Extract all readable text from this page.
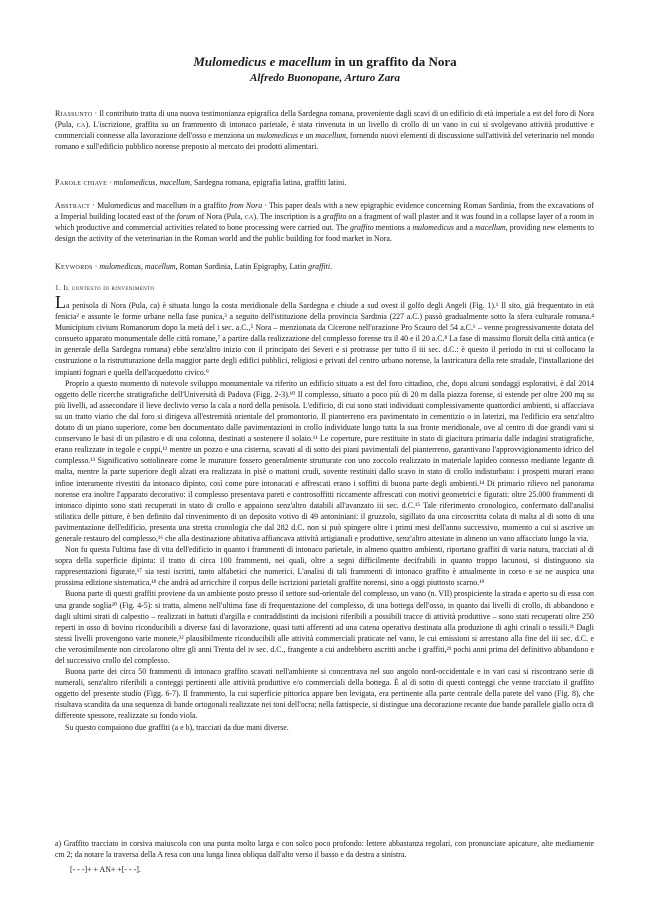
Mulomedicus e macellum in un graffito da Nora
Alfredo Buonopane, Arturo Zara
Riassunto · Il contributo tratta di una nuova testimonianza epigrafica della Sardegna romana, proveniente dagli scavi di un edificio di età imperiale a est del foro di Nora (Pula, ca). L'iscrizione, graffita su un frammento di intonaco parietale, è stata rinvenuta in un livello di crollo di un vano in cui si svolgevano attività produttive e commerciali connesse alla lavorazione dell'osso e menziona un mulomedicus e un macellum, fornendo nuovi elementi di discussione sull'attività del veterinario nel mondo romano e sull'edificio pubblico norense preposto al mercato dei prodotti alimentari.
Parole chiave · mulomedicus, macellum, Sardegna romana, epigrafia latina, graffiti latini.
Abstract · Mulomedicus and macellum in a graffito from Nora · This paper deals with a new epigraphic evidence concerning Roman Sardinia, from the excavations of a Imperial building located east of the forum of Nora (Pula, ca). The inscription is a graffito on a fragment of wall plaster and it was found in a collapse layer of a room in which productive and commercial activities related to bone processing were carried out. The graffito mentions a mulomedicus and a macellum, providing new elements to design the activity of the veterinarian in the Roman world and the public building for food market in Nora.
Keywords · mulomedicus, macellum, Roman Sardinia, Latin Epigraphy, Latin graffiti.
1. Il contesto di rinvenimento

La penisola di Nora (Pula, ca) è situata lungo la costa meridionale della Sardegna e chiude a sud ovest il golfo degli Angeli (Fig. 1).¹ Il sito, già frequentato in età fenicia² e assunte le forme urbane nella fase punica,³ a seguito dell'istituzione della provincia Sardinia (227 a.C.) passò gradualmente sotto la sfera culturale romana.⁴ Municipium civium Romanorum dopo la metà del i sec. a.C.,⁵ Nora – menzionata da Cicerone nell'orazione Pro Scauro del 54 a.C.⁶ – venne progressivamente dotata del consueto apparato monumentale delle città romane,⁷ a partire dalla realizzazione del complesso forense tra il 40 e il 20 a.C.⁸ La fase di massimo floruit della città antica (e in generale della Sardegna romana) ebbe senz'altro inizio con il principato dei Severi e si protrasse per tutto il iii sec. d.C.: è questo il periodo in cui si collocano la costruzione o la ristrutturazione della maggior parte degli edifici pubblici, religiosi e privati del centro urbano norense, la lastricatura della rete stradale, l'installazione dei impianti fognari e quella dell'acquedotto civico.⁹

Proprio a questo momento di notevole sviluppo monumentale va riferito un edificio situato a est del foro cittadino, che, dopo alcuni sondaggi esplorativi, è dal 2014 oggetto delle ricerche stratigrafiche dell'Università di Padova (Figg. 2-3).¹⁰ Il complesso, situato a poco più di 20 m dalla piazza forense, si estende per oltre 200 mq su più livelli, ad assecondare il lieve declivio verso la cala a nord della penisola. L'edificio, di cui sono stati individuati complessivamente quattordici ambienti, si affacciava su un tratto viario che dal foro si dirigeva all'estremità orientale del promontorio. Il pianterreno era pavimentato in cementizio o in laterizi, ma l'edificio era senz'altro dotato di un piano superiore, come ben documentato dalle pavimentazioni in crollo individuate lungo tutta la sua fronte meridionale, ove al centro di due grandi vani si conservano le basi di un pilastro e di una colonna, destinati a sostenere il solaio.¹¹ Le coperture, pure restituite in stato di giacitura primaria dalle indagini stratigrafiche, erano realizzate in tegole e coppi,¹² mentre un pozzo e una cisterna, scavati al di sotto dei piani pavimentali del pianterreno, garantivano l'approvvigionamento idrico del complesso.¹³ Significativo sottolineare come le murature fossero generalmente strutturate con uno zoccolo realizzato in materiale lapideo connesso mediante legante di malta, mentre la parte superiore degli alzati era realizzata in pisè o mattoni crudi, sovente restituiti dallo scavo in stato di crollo indisturbato: i prospetti murari erano infine interamente rivestiti da intonaco dipinto, così come pure intonacati e affrescati erano i soffitti di buona parte degli ambienti.¹⁴ Di primario rilievo nel panorama norense era inoltre l'apparato decorativo: il complesso presentava pareti e controsoffitti riccamente affrescati con motivi geometrici e figurati: oltre 25.000 frammenti di intonaco dipinto sono stati recuperati in stato di crollo e appaiono senz'altro databili all'avanzato iii sec. d.C.¹⁵ Tale riferimento cronologico, confermato dall'analisi stilistica delle pitture, è ben definito dal rinvenimento di un deposito votivo di 49 antoniniani: il gruzzolo, sigillato da una circoscritta colata di malta al di sotto di una pavimentazione dell'edificio, presenta una stretta cronologia che dal 282 d.C. non si può spingere oltre i primi mesi dell'anno successivo, momento a cui si ascrive un generale restauro del complesso,¹⁶ che alla destinazione abitativa affiancava attività artigianali e produttive, senz'altro attestate in almeno un vano affacciato lungo la via.

Non fu questa l'ultima fase di vita dell'edificio in quanto i frammenti di intonaco parietale, in almeno quattro ambienti, riportano graffiti di varia natura, tracciati al di sopra della superficie dipinta: il tratto di circa 100 frammenti, nei quali, oltre a segni difficilmente decifrabili in quanto troppo lacunosi, si distinguono sia rappresentazioni figurate,¹⁷ sia testi iscritti, tanto alfabetici che numerici. L'analisi di tali frammenti di intonaco graffito è attualmente in corso e se ne auspica una prossima edizione sistematica,¹⁸ che andrà ad arricchire il corpus delle iscrizioni parietali graffite norensi, sino a oggi piuttosto scarno.¹⁹

Buona parte di questi graffiti proviene da un ambiente posto presso il settore sud-orientale del complesso, un vano (n. VII) prospiciente la strada e aperto su di essa con una grande soglia²⁰ (Fig. 4-5): si tratta, almeno nell'ultima fase di frequentazione del complesso, di una bottega dell'osso, in quanto dai livelli di crollo, di abbandono e dagli ultimi strati di calpestio – realizzati in battuti d'argilla e contraddistinti da incisioni riferibili a possibili tracce di attività produttive – sono stati recuperati oltre 250 reperti in osso di bovino riconducibili a diverse fasi di lavorazione, quasi tutti afferenti ad una catena operativa destinata alla produzione di aghi crinali o tessili.²¹ Dagli stessi livelli provengono varie monete,²² plausibilmente riconducibili alle attività commerciali praticate nel vano, le cui emissioni si arrestano alla fine del iii sec. d.C. e che verosimilmente non circolarono oltre gli anni Trenta del iv sec. d.C., frangente a cui andrebbero ascritti anche i graffiti,²³ pochi anni prima del definitivo abbandono e del successivo crollo del complesso.

Buona parte dei circa 50 frammenti di intonaco graffito scavati nell'ambiente si concentrava nel suo angolo nord-occidentale e in vari casi si riscontrano serie di numerali, senz'altro riferibili a conteggi pertinenti alle attività produttive e/o commerciali della bottega. È al di sotto di questi conteggi che venne tracciato il graffito oggetto del presente studio (Figg. 6-7). Il frammento, la cui superficie pittorica appare ben levigata, era pertinente alla parte centrale della parete del vano (Fig. 8), che risultava scandita da una sequenza di bande ortogonali realizzate nei toni dell'ocra; nella fattispecie, si distingue una decorazione recante due bande parallele giallo ocra di differente spessore, realizzate su fondo viola.

Su questo compaiono due graffiti (a e b), tracciati da due mani diverse.

a) Graffito tracciato in corsiva maiuscola con una punta molto larga e con solco poco profondo: lettere abbastanza regolari, con pronunciate apicature, alte mediamente cm 2; da notare la traversa della A resa con una lunga linea obliqua dall'alto verso il basso e da destra a sinistra.
[- - -]+ + AN+ +[- - -].
